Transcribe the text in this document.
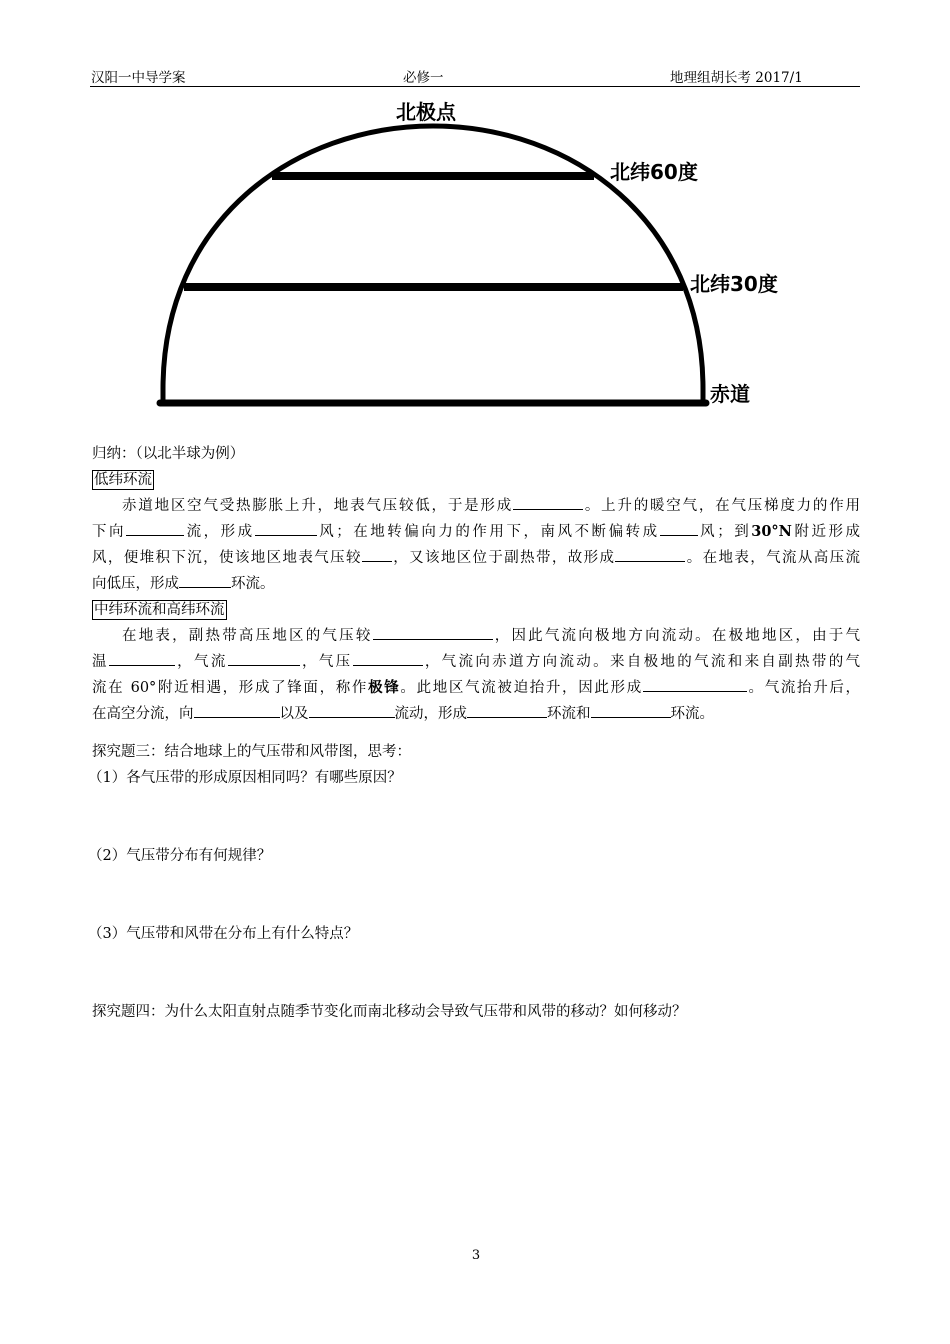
汉阳一中导学案	必修一	地理组胡长考 2017/1
北极点
北纬60度
北纬30度
赤道
归纳：（以北半球为例）
低纬环流
赤道地区空气受热膨胀上升，地表气压较低，于是形成	。上升的暖空气，在气压梯度力的作用
下向	流，形成	风；在地转偏向力的作用下，南风不断偏转成	风；到30°N附近形成
风，便堆积下沉，使该地区地表气压较 ，又该地区位于副热带，故形成	。在地表，气流从高压流
向低压，形成	环流。
中纬环流和高纬环流
在地表，副热带高压地区的气压较	，因此气流向极地方向流动。在极地地区，由于气
温	，气流	，气压	，气流向赤道方向流动。来自极地的气流和来自副热带的气
流在 60°附近相遇，形成了锋面，称作极锋。此地区气流被迫抬升，因此形成	。气流抬升后，
在高空分流，向	以及	流动，形成	环流和	环流。
探究题三：结合地球上的气压带和风带图，思考：
（1）各气压带的形成原因相同吗？有哪些原因？
（2）气压带分布有何规律？
（3）气压带和风带在分布上有什么特点？
探究题四：为什么太阳直射点随季节变化而南北移动会导致气压带和风带的移动？如何移动？
3
